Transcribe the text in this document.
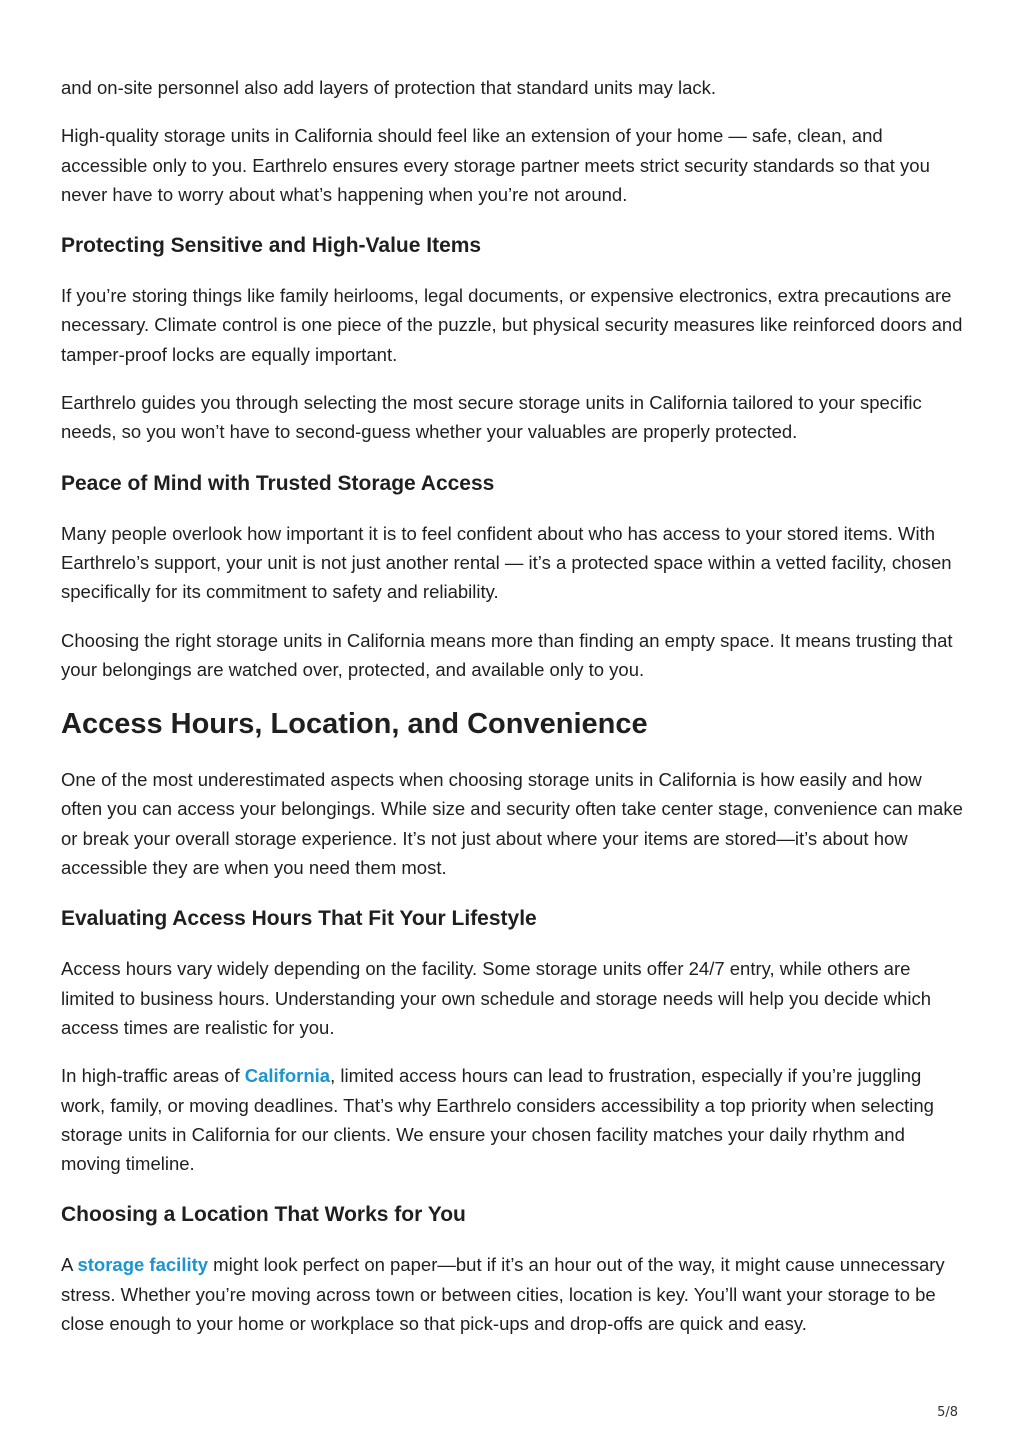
and on-site personnel also add layers of protection that standard units may lack.

High-quality storage units in California should feel like an extension of your home — safe, clean, and accessible only to you. Earthrelo ensures every storage partner meets strict security standards so that you never have to worry about what’s happening when you’re not around.

Protecting Sensitive and High-Value Items

If you’re storing things like family heirlooms, legal documents, or expensive electronics, extra precautions are necessary. Climate control is one piece of the puzzle, but physical security measures like reinforced doors and tamper-proof locks are equally important.

Earthrelo guides you through selecting the most secure storage units in California tailored to your specific needs, so you won’t have to second-guess whether your valuables are properly protected.

Peace of Mind with Trusted Storage Access

Many people overlook how important it is to feel confident about who has access to your stored items. With Earthrelo’s support, your unit is not just another rental — it’s a protected space within a vetted facility, chosen specifically for its commitment to safety and reliability.

Choosing the right storage units in California means more than finding an empty space. It means trusting that your belongings are watched over, protected, and available only to you.

Access Hours, Location, and Convenience

One of the most underestimated aspects when choosing storage units in California is how easily and how often you can access your belongings. While size and security often take center stage, convenience can make or break your overall storage experience. It’s not just about where your items are stored—it’s about how accessible they are when you need them most.

Evaluating Access Hours That Fit Your Lifestyle

Access hours vary widely depending on the facility. Some storage units offer 24/7 entry, while others are limited to business hours. Understanding your own schedule and storage needs will help you decide which access times are realistic for you.

In high-traffic areas of California, limited access hours can lead to frustration, especially if you’re juggling work, family, or moving deadlines. That’s why Earthrelo considers accessibility a top priority when selecting storage units in California for our clients. We ensure your chosen facility matches your daily rhythm and moving timeline.

Choosing a Location That Works for You

A storage facility might look perfect on paper—but if it’s an hour out of the way, it might cause unnecessary stress. Whether you’re moving across town or between cities, location is key. You’ll want your storage to be close enough to your home or workplace so that pick-ups and drop-offs are quick and easy.

5/8
